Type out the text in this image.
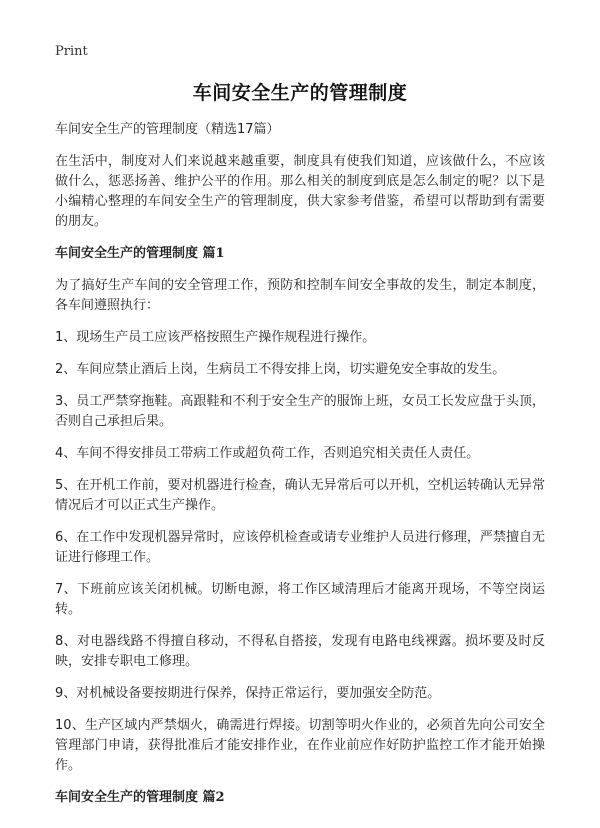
Print
车间安全生产的管理制度

车间安全生产的管理制度（精选17篇）

在生活中，制度对人们来说越来越重要，制度具有使我们知道，应该做什么，不应该做什么，惩恶扬善、维护公平的作用。那么相关的制度到底是怎么制定的呢？以下是小编精心整理的车间安全生产的管理制度，供大家参考借鉴，希望可以帮助到有需要的朋友。

车间安全生产的管理制度 篇1

为了搞好生产车间的安全管理工作，预防和控制车间安全事故的发生，制定本制度，各车间遵照执行：

1、现场生产员工应该严格按照生产操作规程进行操作。

2、车间应禁止酒后上岗，生病员工不得安排上岗，切实避免安全事故的发生。

3、员工严禁穿拖鞋。高跟鞋和不利于安全生产的服饰上班，女员工长发应盘于头顶，否则自己承担后果。

4、车间不得安排员工带病工作或超负荷工作，否则追究相关责任人责任。

5、在开机工作前，要对机器进行检查，确认无异常后可以开机，空机运转确认无异常情况后才可以正式生产操作。

6、在工作中发现机器异常时，应该停机检查或请专业维护人员进行修理，严禁擅自无证进行修理工作。

7、下班前应该关闭机械。切断电源，将工作区域清理后才能离开现场，不等空岗运转。

8、对电器线路不得擅自移动，不得私自搭接，发现有电路电线裸露。损坏要及时反映，安排专职电工修理。

9、对机械设备要按期进行保养，保持正常运行，要加强安全防范。

10、生产区域内严禁烟火，确需进行焊接。切割等明火作业的，必须首先向公司安全管理部门申请，获得批准后才能安排作业，在作业前应作好防护监控工作才能开始操作。

车间安全生产的管理制度 篇2
